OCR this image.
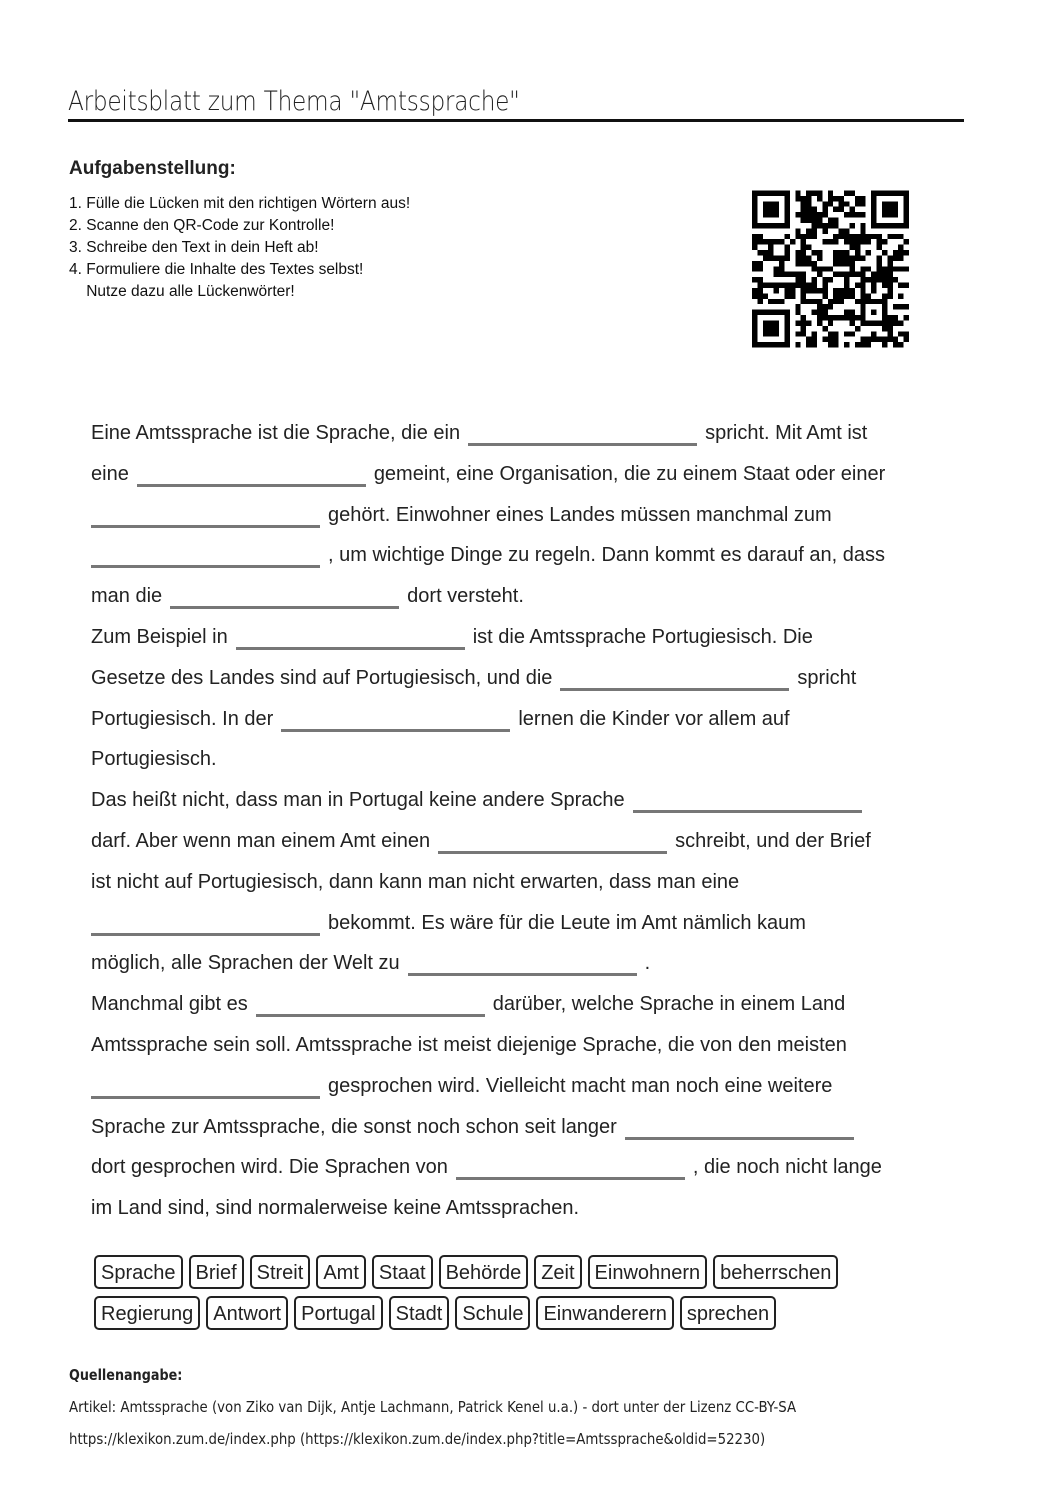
Arbeitsblatt zum Thema "Amtssprache"
Aufgabenstellung:
1. Fülle die Lücken mit den richtigen Wörtern aus!
2. Scanne den QR-Code zur Kontrolle!
3. Schreibe den Text in dein Heft ab!
4. Formuliere die Inhalte des Textes selbst!
Nutze dazu alle Lückenwörter!
Eine Amtssprache ist die Sprache, die ein	spricht. Mit Amt ist
eine	gemeint, eine Organisation, die zu einem Staat oder einer
gehört. Einwohner eines Landes müssen manchmal zum
, um wichtige Dinge zu regeln. Dann kommt es darauf an, dass
man die	dort versteht.
Zum Beispiel in	ist die Amtssprache Portugiesisch. Die
Gesetze des Landes sind auf Portugiesisch, und die	spricht
Portugiesisch. In der	lernen die Kinder vor allem auf
Portugiesisch.
Das heißt nicht, dass man in Portugal keine andere Sprache
darf. Aber wenn man einem Amt einen	schreibt, und der Brief
ist nicht auf Portugiesisch, dann kann man nicht erwarten, dass man eine
bekommt. Es wäre für die Leute im Amt nämlich kaum
möglich, alle Sprachen der Welt zu	.
Manchmal gibt es	darüber, welche Sprache in einem Land
Amtssprache sein soll. Amtssprache ist meist diejenige Sprache, die von den meisten
gesprochen wird. Vielleicht macht man noch eine weitere
Sprache zur Amtssprache, die sonst noch schon seit langer
dort gesprochen wird. Die Sprachen von	, die noch nicht lange
im Land sind, sind normalerweise keine Amtssprachen.
Sprache	Brief	Streit	Amt	Staat	Behörde	Zeit	Einwohnern	beherrschen
Regierung	Antwort	Portugal	Stadt	Schule	Einwanderern	sprechen
Quellenangabe:
Artikel: Amtssprache (von Ziko van Dijk, Antje Lachmann, Patrick Kenel u.a.) - dort unter der Lizenz CC-BY-SA
https://klexikon.zum.de/index.php (https://klexikon.zum.de/index.php?title=Amtssprache&oldid=52230)
